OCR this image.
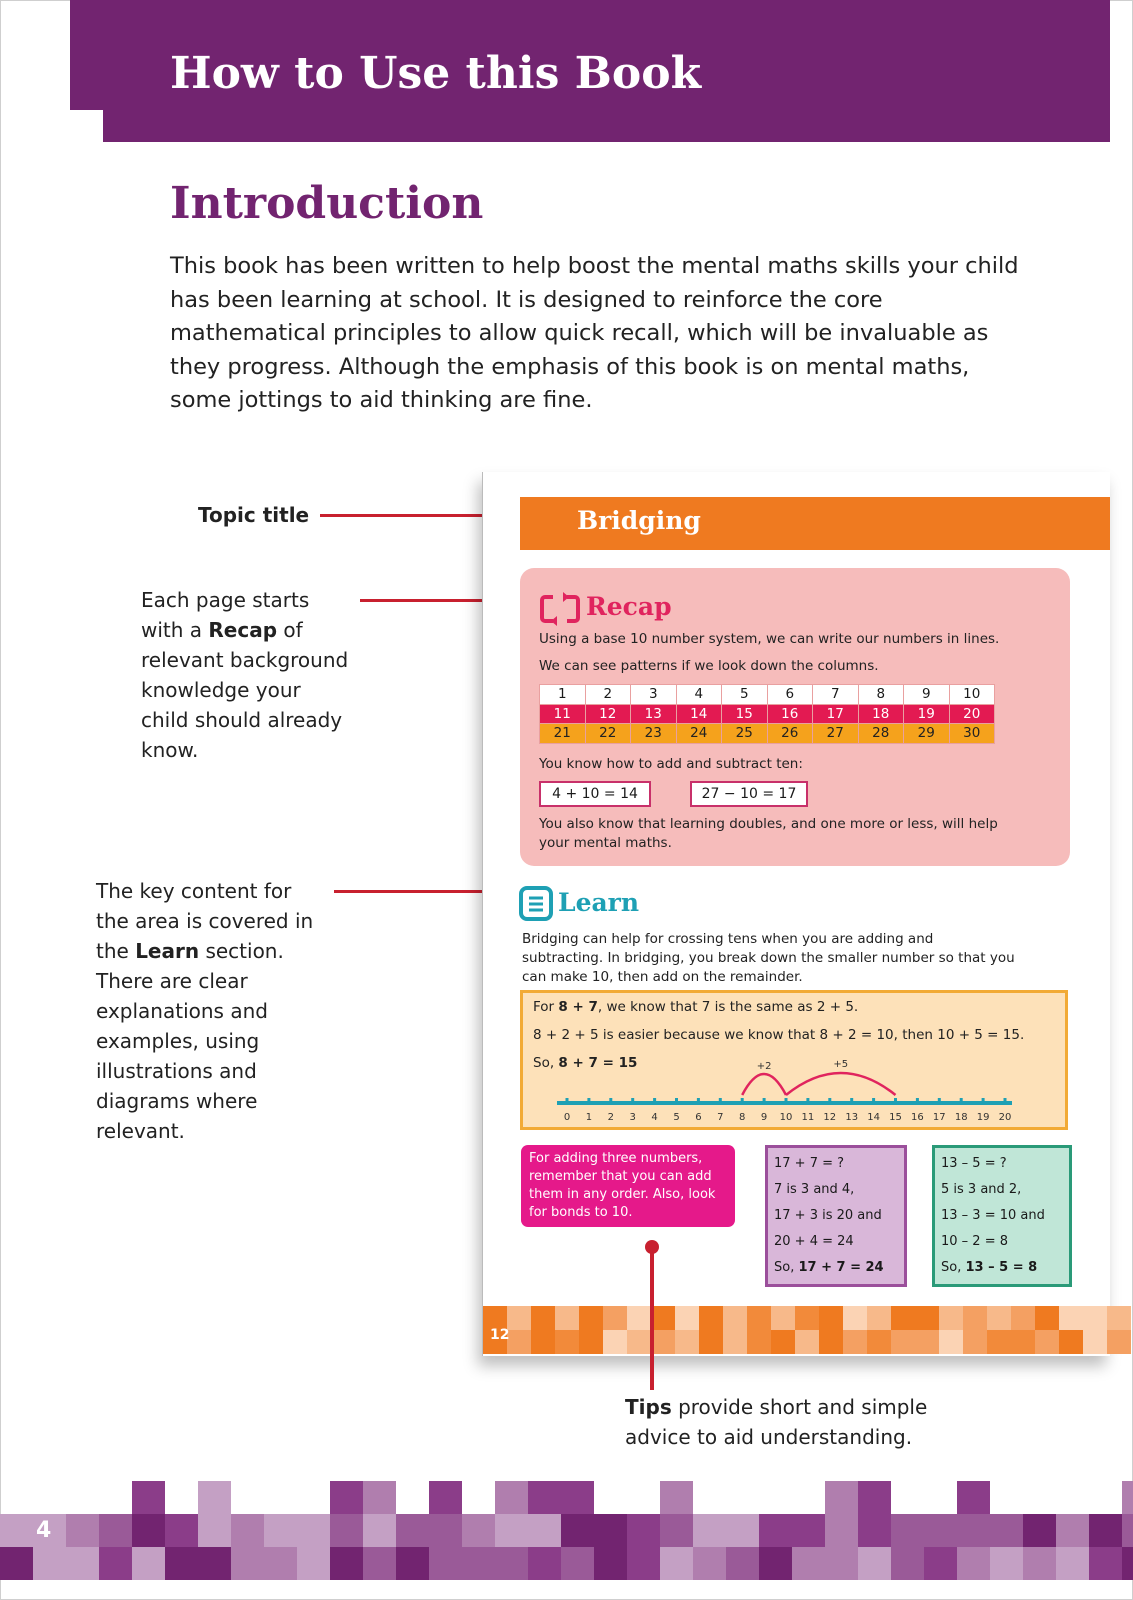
How to Use this Book
Introduction
This book has been written to help boost the mental maths skills your child has been learning at school. It is designed to reinforce the core mathematical principles to allow quick recall, which will be invaluable as they progress. Although the emphasis of this book is on mental maths, some jottings to aid thinking are fine.
Topic title
Each page starts with a Recap of relevant background knowledge your child should already know.
The key content for the area is covered in the Learn section. There are clear explanations and examples, using illustrations and diagrams where relevant.
Bridging
Recap
Using a base 10 number system, we can write our numbers in lines.
We can see patterns if we look down the columns.
1	2	3	4	5	6	7	8	9	10
11	12	13	14	15	16	17	18	19	20
21	22	23	24	25	26	27	28	29	30
You know how to add and subtract ten:
4 + 10 = 14	27 − 10 = 17
You also know that learning doubles, and one more or less, will help your mental maths.
Learn
Bridging can help for crossing tens when you are adding and subtracting. In bridging, you break down the smaller number so that you can make 10, then add on the remainder.
For 8 + 7, we know that 7 is the same as 2 + 5.
8 + 2 + 5 is easier because we know that 8 + 2 = 10, then 10 + 5 = 15.
So, 8 + 7 = 15
0 1 2 3 4 5 6 7 8 9 10 11 12 13 14 15 16 17 18 19 20
+2	+5
For adding three numbers, remember that you can add them in any order. Also, look for bonds to 10.
17 + 7 = ?
7 is 3 and 4,
17 + 3 is 20 and
20 + 4 = 24
So, 17 + 7 = 24
13 – 5 = ?
5 is 3 and 2,
13 – 3 = 10 and
10 – 2 = 8
So, 13 – 5 = 8
12
Tips provide short and simple advice to aid understanding.
4
